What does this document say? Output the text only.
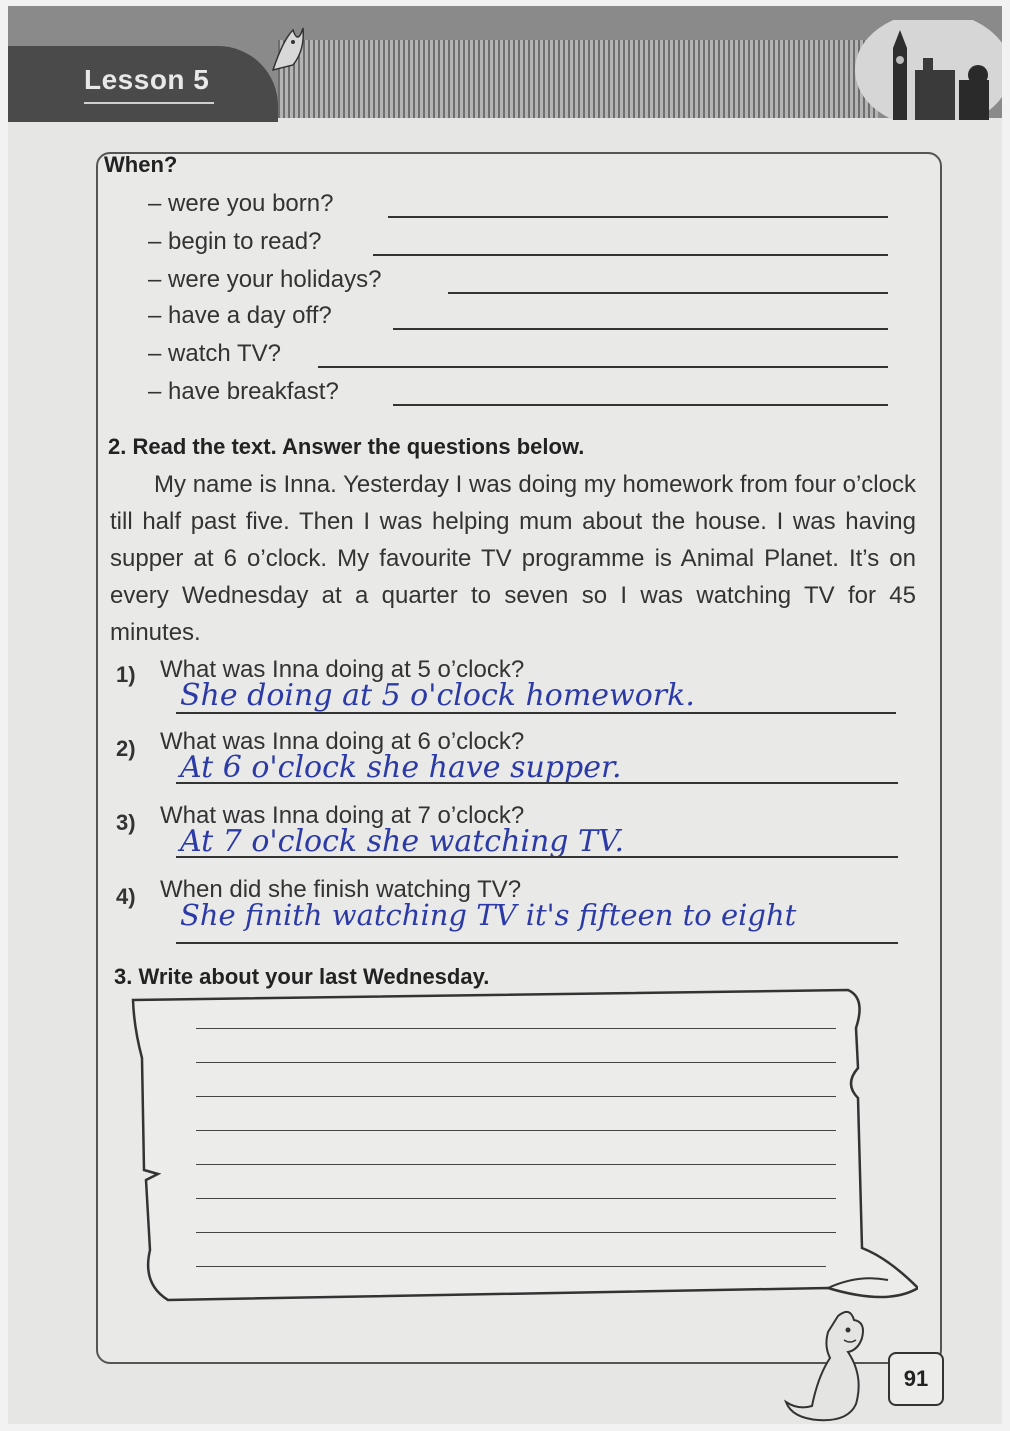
Lesson 5
When?
– were you born?
– begin to read?
– were your holidays?
– have a day off?
– watch TV?
– have breakfast?
2. Read the text. Answer the questions below.
My name is Inna. Yesterday I was doing my homework from four o’clock till half past five. Then I was helping mum about the house. I was having supper at 6 o’clock. My favourite TV programme is Animal Planet. It’s on every Wednesday at a quarter to seven so I was watching TV for 45 minutes.
1) What was Inna doing at 5 o’clock?
She doing at 5 o'clock homework.
2) What was Inna doing at 6 o’clock?
At 6 o'clock she have supper.
3) What was Inna doing at 7 o’clock?
At 7 o'clock she watching TV.
4) When did she finish watching TV?
She finith watching TV it's fifteen to eight
3. Write about your last Wednesday.
91
